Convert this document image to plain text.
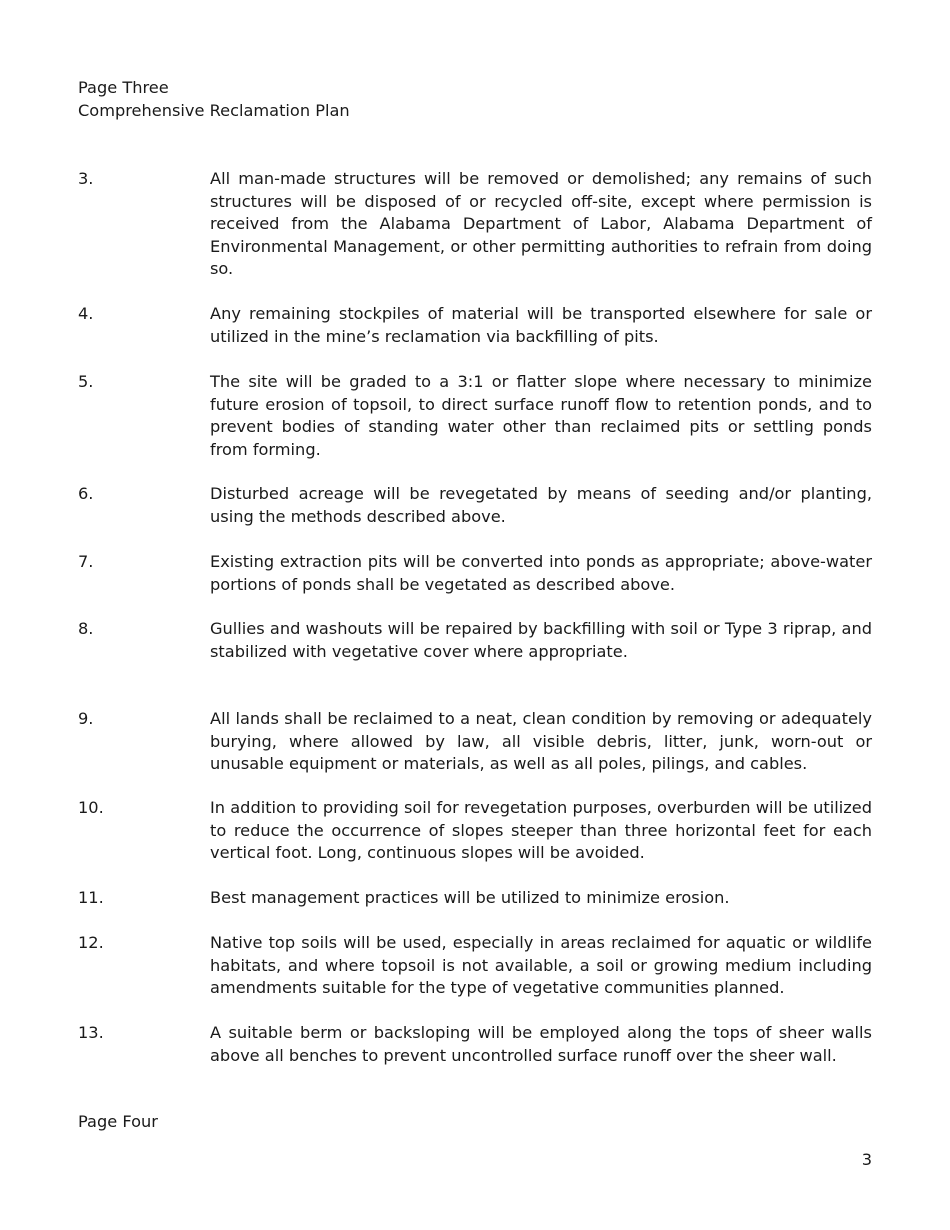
Page Three
Comprehensive Reclamation Plan
3.	All man-made structures will be removed or demolished; any remains of such structures will be disposed of or recycled off-site, except where permission is received from the Alabama Department of Labor, Alabama Department of Environmental Management, or other permitting authorities to refrain from doing so.
4.	Any remaining stockpiles of material will be transported elsewhere for sale or utilized in the mine’s reclamation via backfilling of pits.
5.	The site will be graded to a 3:1 or flatter slope where necessary to minimize future erosion of topsoil, to direct surface runoff flow to retention ponds, and to prevent bodies of standing water other than reclaimed pits or settling ponds from forming.
6.	Disturbed acreage will be revegetated by means of seeding and/or planting, using the methods described above.
7.	Existing extraction pits will be converted into ponds as appropriate; above-water portions of ponds shall be vegetated as described above.
8.	Gullies and washouts will be repaired by backfilling with soil or Type 3 riprap, and stabilized with vegetative cover where appropriate.
9.	All lands shall be reclaimed to a neat, clean condition by removing or adequately burying, where allowed by law, all visible debris, litter, junk, worn-out or unusable equipment or materials, as well as all poles, pilings, and cables.
10.	In addition to providing soil for revegetation purposes, overburden will be utilized to reduce the occurrence of slopes steeper than three horizontal feet for each vertical foot. Long, continuous slopes will be avoided.
11.	Best management practices will be utilized to minimize erosion.
12.	Native top soils will be used, especially in areas reclaimed for aquatic or wildlife habitats, and where topsoil is not available, a soil or growing medium including amendments suitable for the type of vegetative communities planned.
13.	A suitable berm or backsloping will be employed along the tops of sheer walls above all benches to prevent uncontrolled surface runoff over the sheer wall.
Page Four
3
